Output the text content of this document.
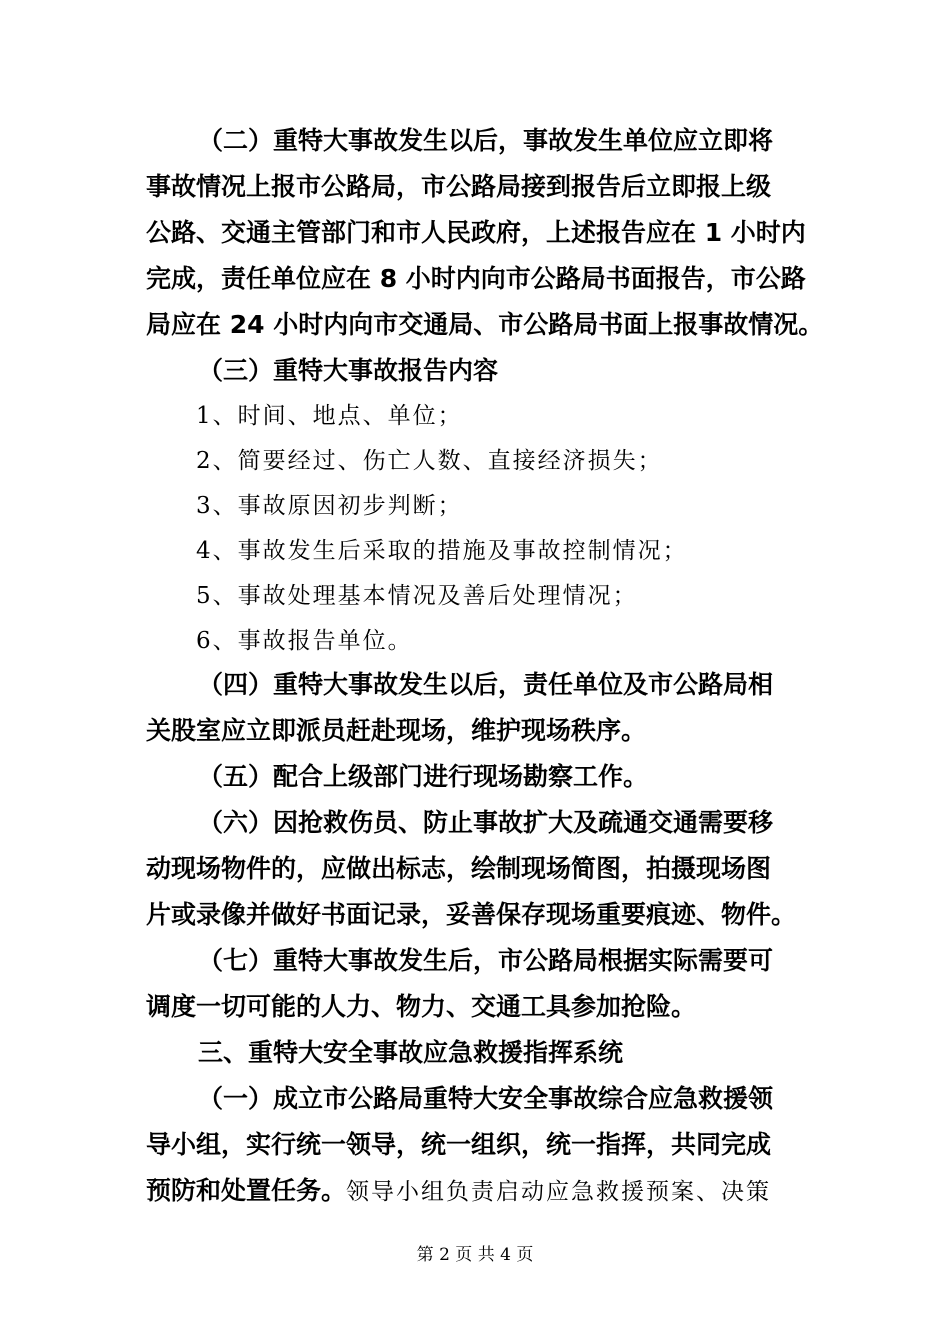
（二）重特大事故发生以后，事故发生单位应立即将
事故情况上报市公路局，市公路局接到报告后立即报上级
公路、交通主管部门和市人民政府，上述报告应在 1 小时内
完成，责任单位应在 8 小时内向市公路局书面报告，市公路
局应在 24 小时内向市交通局、市公路局书面上报事故情况。
（三）重特大事故报告内容
1、时间、地点、单位；
2、简要经过、伤亡人数、直接经济损失；
3、事故原因初步判断；
4、事故发生后采取的措施及事故控制情况；
5、事故处理基本情况及善后处理情况；
6、事故报告单位。
（四）重特大事故发生以后，责任单位及市公路局相
关股室应立即派员赶赴现场，维护现场秩序。
（五）配合上级部门进行现场勘察工作。
（六）因抢救伤员、防止事故扩大及疏通交通需要移
动现场物件的，应做出标志，绘制现场简图，拍摄现场图
片或录像并做好书面记录，妥善保存现场重要痕迹、物件。
（七）重特大事故发生后，市公路局根据实际需要可
调度一切可能的人力、物力、交通工具参加抢险。
三、重特大安全事故应急救援指挥系统
（一）成立市公路局重特大安全事故综合应急救援领
导小组，实行统一领导，统一组织，统一指挥，共同完成
预防和处置任务。领导小组负责启动应急救援预案、决策
第 2 页 共 4 页
